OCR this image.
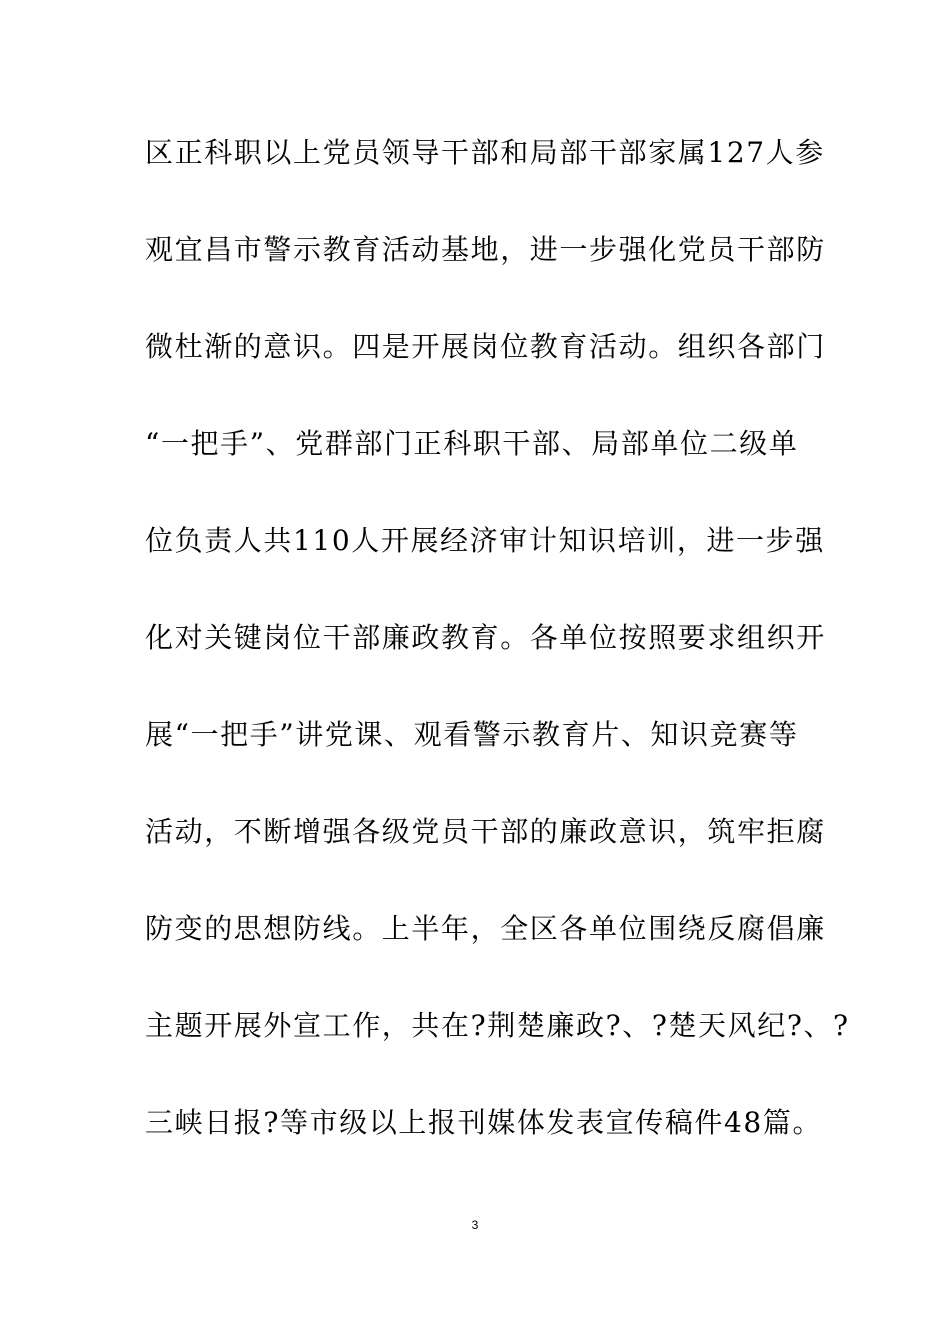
区正科职以上党员领导干部和局部干部家属127人参
观宜昌市警示教育活动基地，进一步强化党员干部防
微杜渐的意识。四是开展岗位教育活动。组织各部门
“一把手”、党群部门正科职干部、局部单位二级单
位负责人共110人开展经济审计知识培训，进一步强
化对关键岗位干部廉政教育。各单位按照要求组织开
展“一把手”讲党课、观看警示教育片、知识竞赛等
活动，不断增强各级党员干部的廉政意识，筑牢拒腐
防变的思想防线。上半年，全区各单位围绕反腐倡廉
主题开展外宣工作，共在?荆楚廉政?、?楚天风纪?、?
三峡日报?等市级以上报刊媒体发表宣传稿件48篇。
3
